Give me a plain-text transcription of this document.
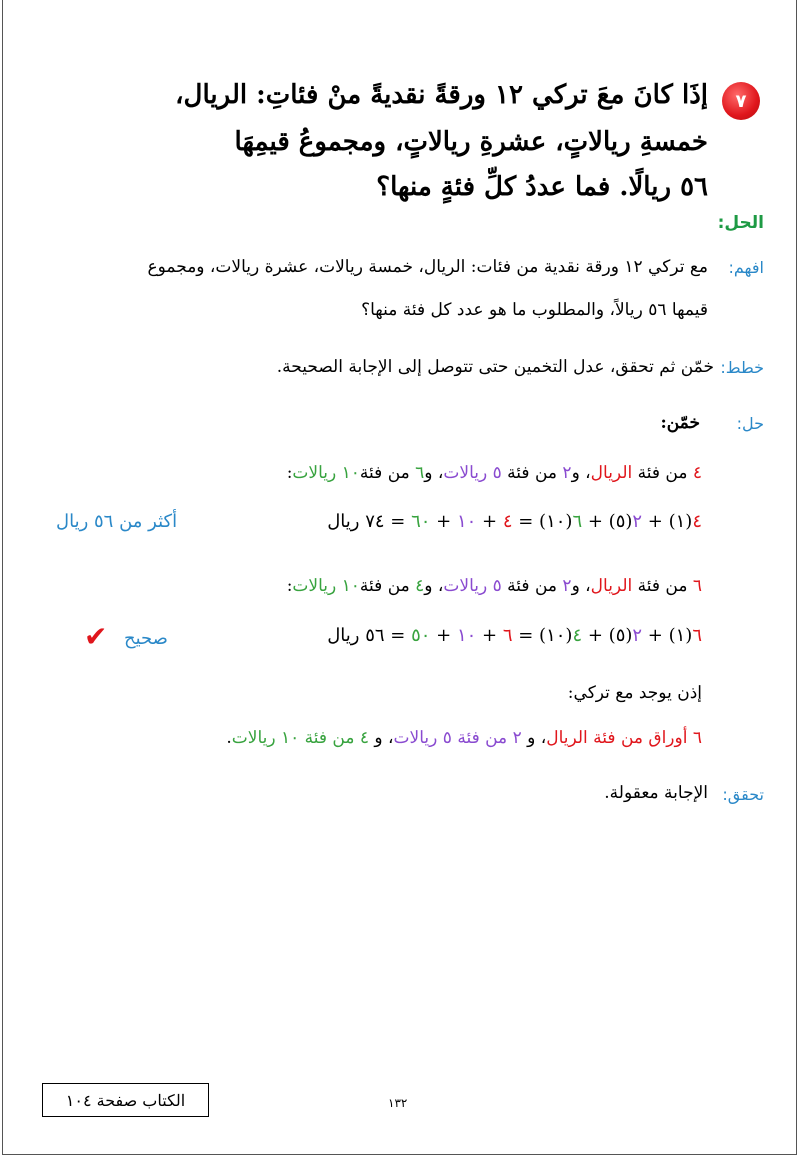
٧
إذَا كانَ معَ تركي ١٢ ورقةً نقديةً منْ فئاتِ: الريال،
خمسةِ ريالاتٍ، عشرةِ ريالاتٍ، ومجموعُ قيمِهَا
٥٦ ريالًا. فما عددُ كلِّ فئةٍ منها؟
الحل:
افهم:
مع تركي ١٢ ورقة نقدية من فئات: الريال، خمسة ريالات، عشرة ريالات، ومجموع
قيمها ٥٦ ريالاً، والمطلوب ما هو عدد كل فئة منها؟
خطط:
خمّن ثم تحقق، عدل التخمين حتى تتوصل إلى الإجابة الصحيحة.
حل:
خمّن:
٤ من فئة الريال، و٢ من فئة ٥ ريالات، و٦ من فئة١٠ ريالات:
٤(١) + ٢(٥) + ٦(١٠) = ٤ + ١٠ + ٦٠ = ٧٤ ريال
أكثر من ٥٦ ريال
٦ من فئة الريال، و٢ من فئة ٥ ريالات، و٤ من فئة١٠ ريالات:
٦(١) + ٢(٥) + ٤(١٠) = ٦ + ١٠ + ٥٠ = ٥٦ ريال
صحيح
✔
إذن يوجد مع تركي:
٦ أوراق من فئة الريال، و ٢ من فئة ٥ ريالات، و ٤ من فئة ١٠ ريالات.
تحقق:
الإجابة معقولة.
الكتاب صفحة ١٠٤	١٣٢
